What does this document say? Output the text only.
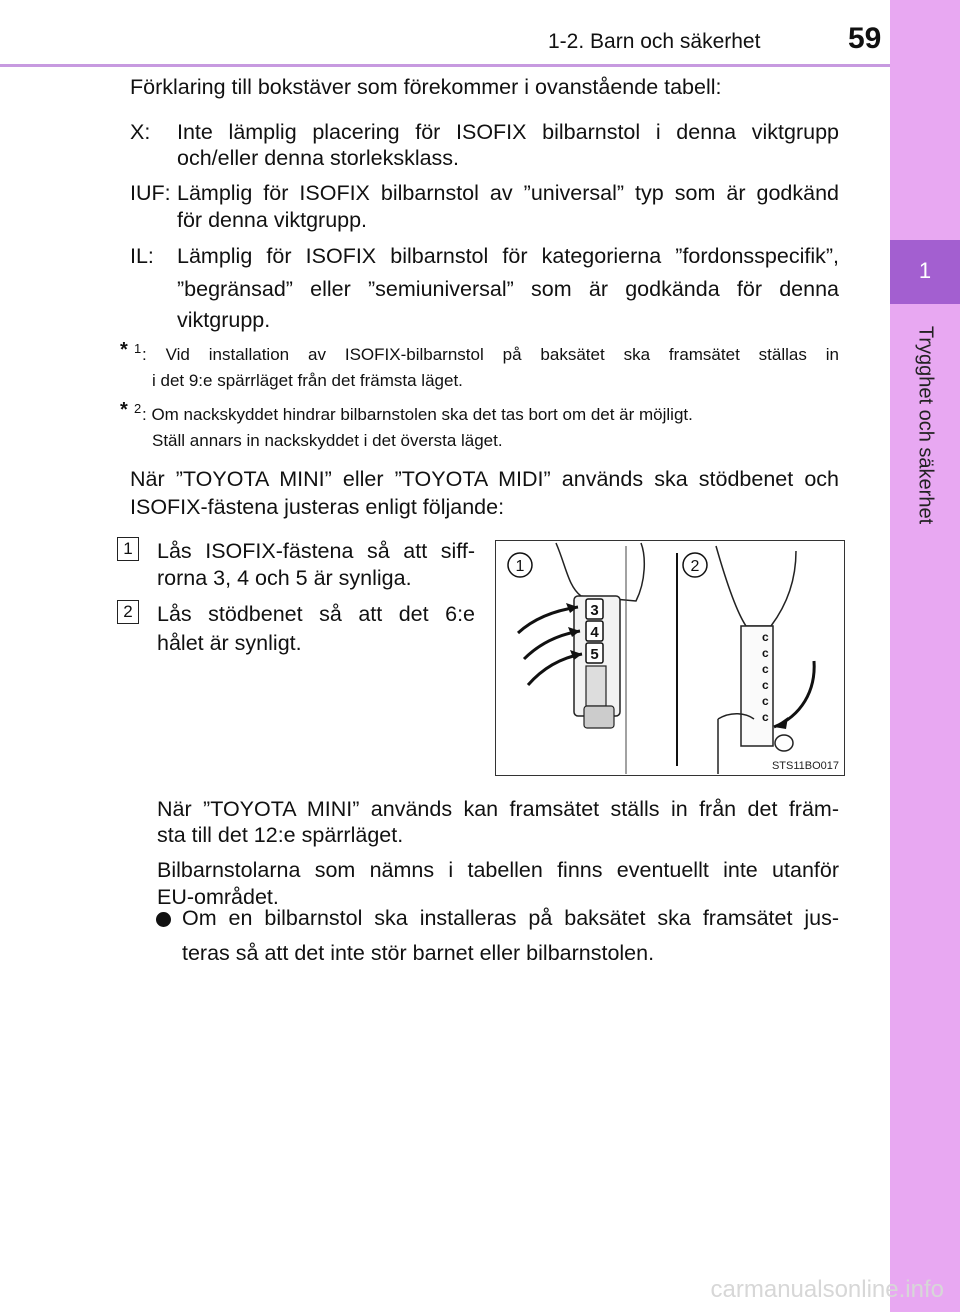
1-2. Barn och säkerhet	59
1
Trygghet och säkerhet
Förklaring till bokstäver som förekommer i ovanstående tabell:
X: Inte lämplig placering för ISOFIX bilbarnstol i denna viktgrupp
och/eller denna storleksklass.
IUF: Lämplig för ISOFIX bilbarnstol av ”universal” typ som är godkänd
för denna viktgrupp.
IL: Lämplig för ISOFIX bilbarnstol för kategorierna ”fordonsspecifik”,
”begränsad” eller ”semiuniversal” som är godkända för denna
viktgrupp.
* 1 : Vid installation av ISOFIX-bilbarnstol på baksätet ska framsätet ställas in
i det 9:e spärrläget från det främsta läget.
* 2 : Om nackskyddet hindrar bilbarnstolen ska det tas bort om det är möjligt.
Ställ annars in nackskyddet i det översta läget.
När ”TOYOTA MINI” eller ”TOYOTA MIDI” används ska stödbenet och
ISOFIX-fästena justeras enligt följande:
1 Lås ISOFIX-fästena så att siff-
rorna 3, 4 och 5 är synliga.
2 Lås stödbenet så att det 6:e
hålet är synligt.
3
4
5
1
c
c
c
c
c
c
2
STS11BO017
När ”TOYOTA MINI” används kan framsätet ställs in från det främ-
sta till det 12:e spärrläget.
Bilbarnstolarna som nämns i tabellen finns eventuellt inte utanför
EU-området.
Om en bilbarnstol ska installeras på baksätet ska framsätet jus-
teras så att det inte stör barnet eller bilbarnstolen.
carmanualsonline.info
